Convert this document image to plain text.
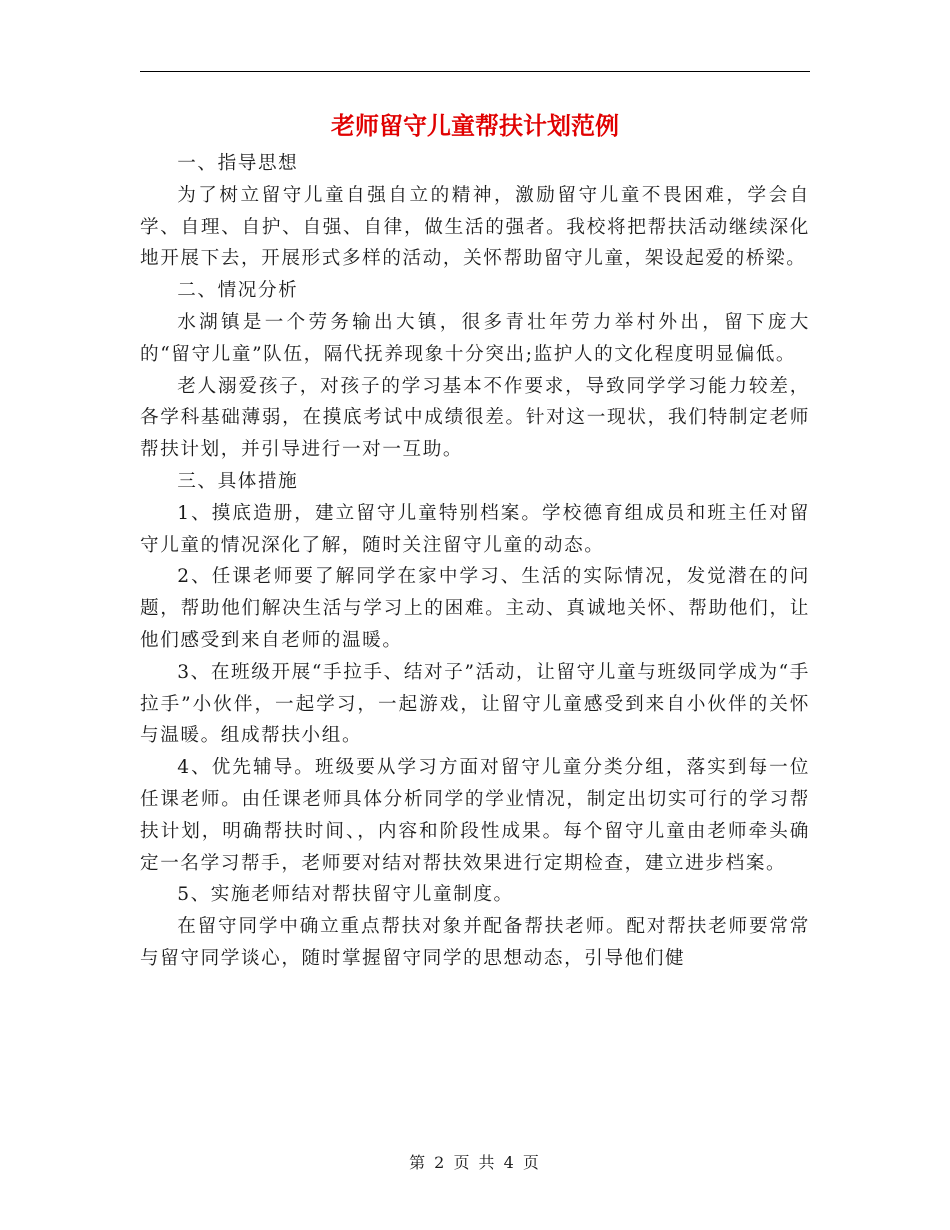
老师留守儿童帮扶计划范例

一、指导思想

为了树立留守儿童自强自立的精神，激励留守儿童不畏困难，学会自学、自理、自护、自强、自律，做生活的强者。我校将把帮扶活动继续深化地开展下去，开展形式多样的活动，关怀帮助留守儿童，架设起爱的桥梁。

二、情况分析

水湖镇是一个劳务输出大镇，很多青壮年劳力举村外出，留下庞大的“留守儿童”队伍，隔代抚养现象十分突出;监护人的文化程度明显偏低。

老人溺爱孩子，对孩子的学习基本不作要求，导致同学学习能力较差，各学科基础薄弱，在摸底考试中成绩很差。针对这一现状，我们特制定老师帮扶计划，并引导进行一对一互助。

三、具体措施

1、摸底造册，建立留守儿童特别档案。学校德育组成员和班主任对留守儿童的情况深化了解，随时关注留守儿童的动态。

2、任课老师要了解同学在家中学习、生活的实际情况，发觉潜在的问题，帮助他们解决生活与学习上的困难。主动、真诚地关怀、帮助他们，让他们感受到来自老师的温暖。

3、在班级开展“手拉手、结对子”活动，让留守儿童与班级同学成为“手拉手”小伙伴，一起学习，一起游戏，让留守儿童感受到来自小伙伴的关怀与温暖。组成帮扶小组。

4、优先辅导。班级要从学习方面对留守儿童分类分组，落实到每一位任课老师。由任课老师具体分析同学的学业情况，制定出切实可行的学习帮扶计划，明确帮扶时间、，内容和阶段性成果。每个留守儿童由老师牵头确定一名学习帮手，老师要对结对帮扶效果进行定期检查，建立进步档案。

5、实施老师结对帮扶留守儿童制度。

在留守同学中确立重点帮扶对象并配备帮扶老师。配对帮扶老师要常常与留守同学谈心，随时掌握留守同学的思想动态，引导他们健

第 2 页 共 4 页
